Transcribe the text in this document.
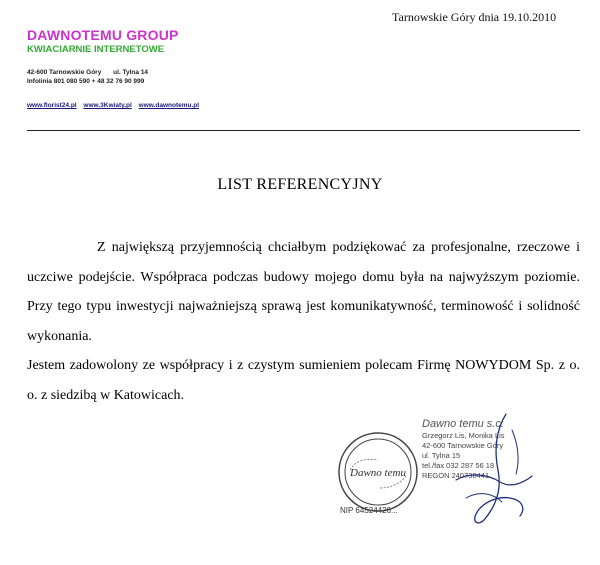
Tarnowskie Góry dnia 19.10.2010
DAWNOTEMU GROUP
KWIACIARNIE INTERNETOWE
42-600 Tarnowskie Góry ul. Tylna 14
Infolinia 801 080 590 + 48 32 76 90 999
www.florist24.pl www.3Kwiaty.pl www.dawnotemu.pl
LIST REFERENCYJNY
Z największą przyjemnością chciałbym podziękować za profesjonalne, rzeczowe i uczciwe podejście. Współpraca podczas budowy mojego domu była na najwyższym poziomie. Przy tego typu inwestycji najważniejszą sprawą jest komunikatywność, terminowość i solidność wykonania.
Jestem zadowolony ze współpracy i z czystym sumieniem polecam Firmę NOWYDOM Sp. z o. o. z siedzibą w Katowicach.
Dawno temu
Dawno temu s.c.
Grzegorz Lis, Monika Lis
42-600 Tarnowskie Góry
ul. Tylna 15
tel./fax 032 287 56 18
REGON 240738441
NIP 64524426...
